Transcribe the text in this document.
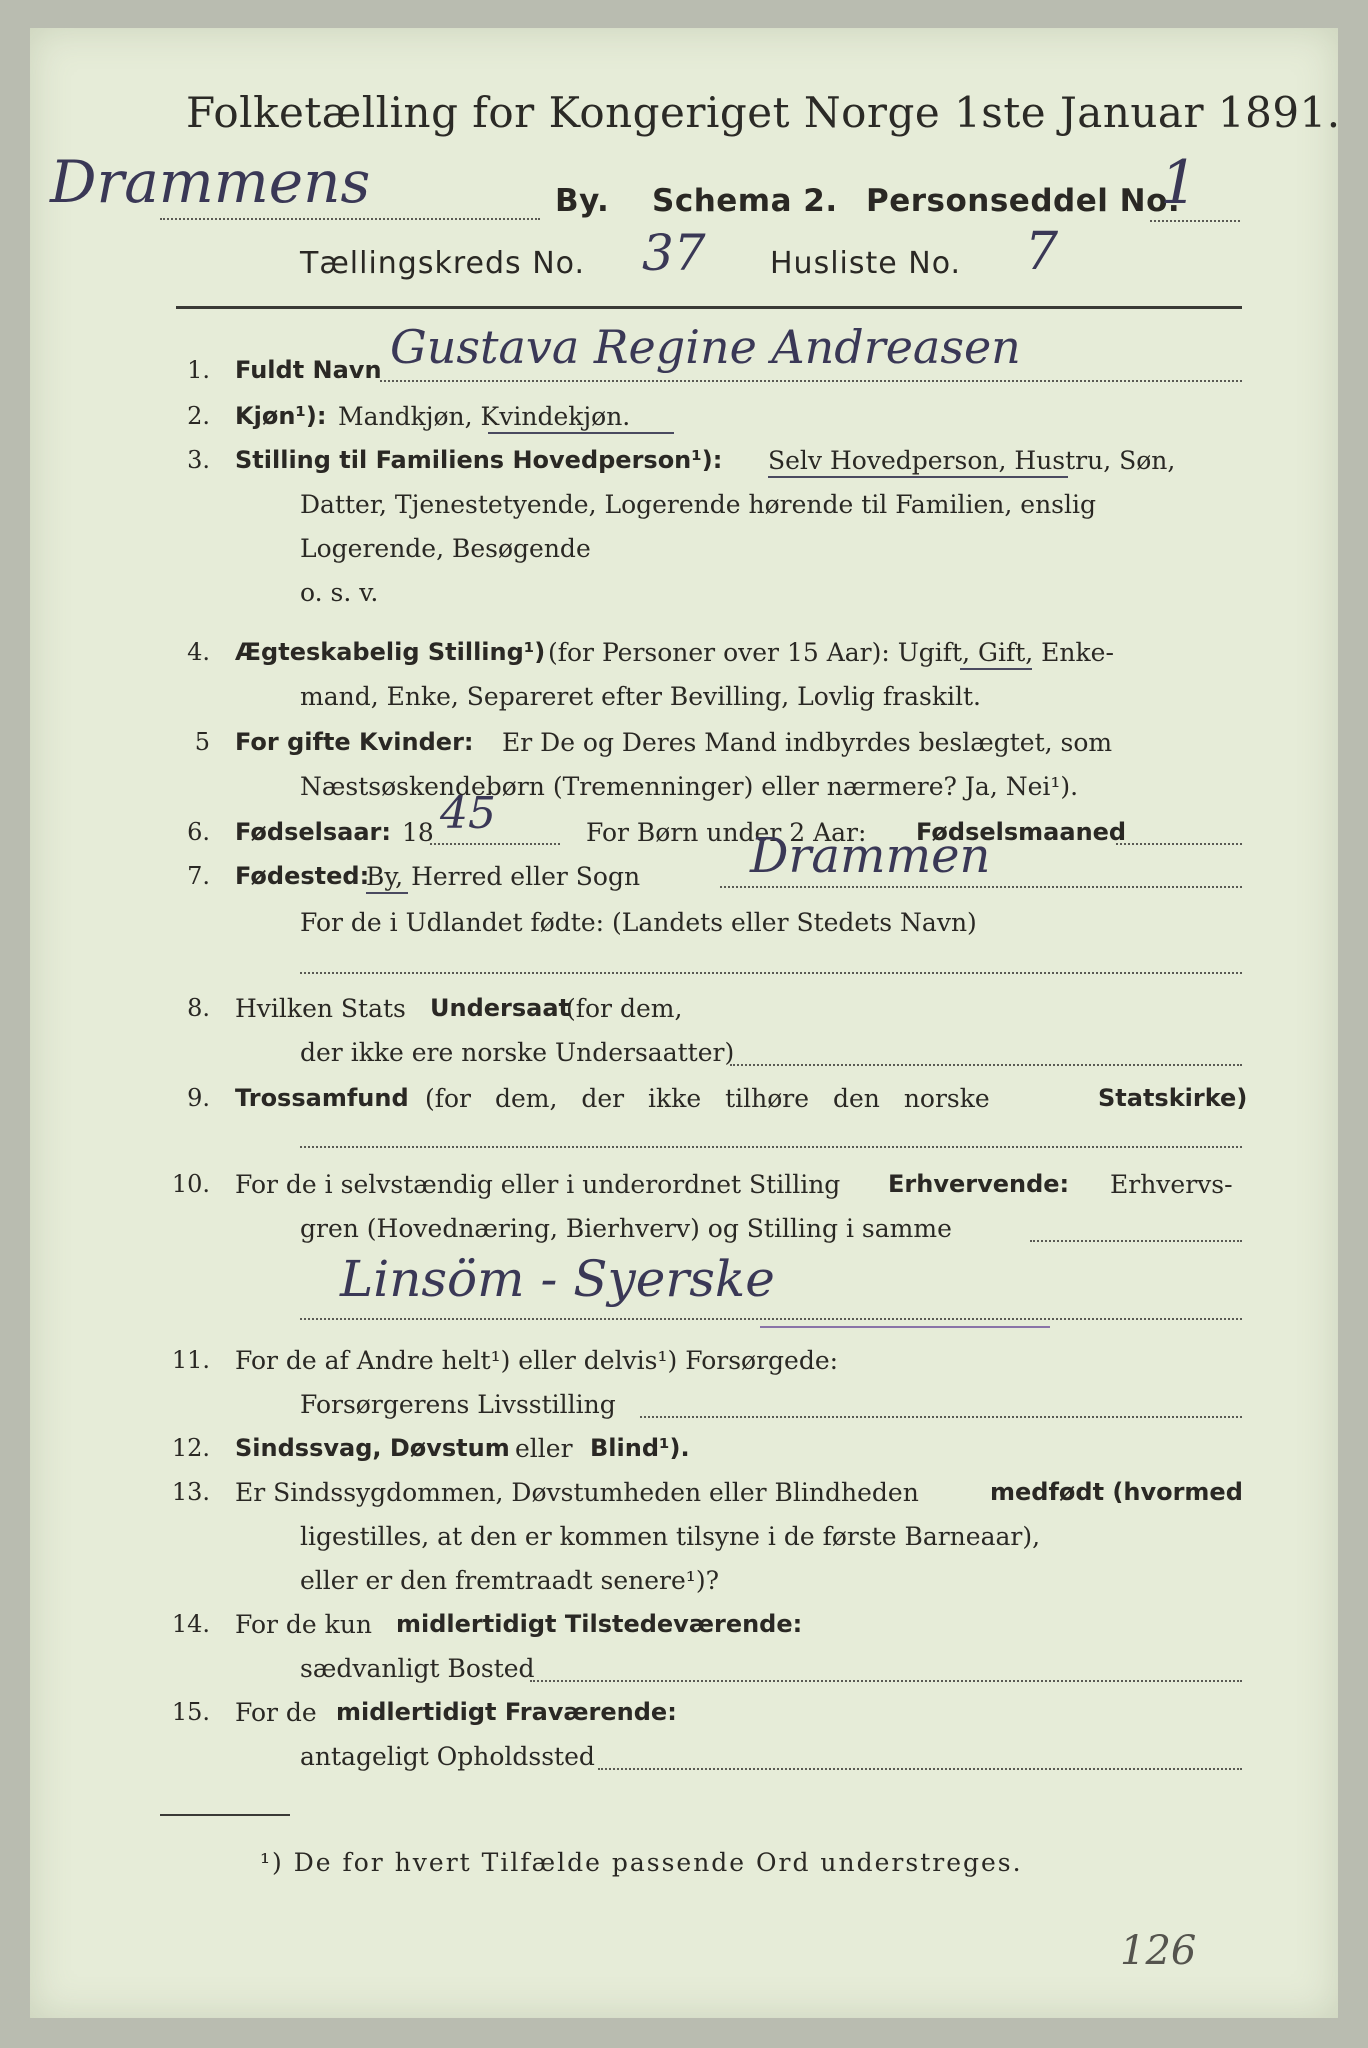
Folketælling for Kongeriget Norge 1ste Januar 1891.
Drammens	By. Schema 2. Personseddel No.
1
Tællingskreds No. 37 Husliste No. 7
1. Fuldt Navn Gustava Regine Andreasen
2. Kjøn¹): Mandkjøn, Kvindekjøn.
3. Stilling til Familiens Hovedperson¹): Selv Hovedperson, Hustru, Søn,
Datter, Tjenestetyende, Logerende hørende til Familien, enslig
Logerende, Besøgende
o. s. v.
4. Ægteskabelig Stilling¹) (for Personer over 15 Aar): Ugift, Gift, Enke-
mand, Enke, Separeret efter Bevilling, Lovlig fraskilt.
5 For gifte Kvinder: Er De og Deres Mand indbyrdes beslægtet, som
Næstsøskendebørn (Tremenninger) eller nærmere? Ja, Nei¹).
6. Fødselsaar: 18 45	For Børn under 2 Aar: Fødselsmaaned
7. Fødested:
By, Herred eller Sogn Drammen
For de i Udlandet fødte: (Landets eller Stedets Navn)
8. Hvilken Stats Undersaat
(for dem,
der ikke ere norske Undersaatter)
9. Trossamfund (for dem, der ikke tilhøre den norske	Statskirke)
10. For de i selvstændig eller i underordnet Stilling Erhvervende: Erhvervs-
gren (Hovednæring, Bierhverv) og Stilling i samme
Linsöm - Syerske
11. For de af Andre helt¹) eller delvis¹) Forsørgede:
Forsørgerens Livsstilling
12. Sindssvag, Døvstum eller Blind¹).
13. Er Sindssygdommen, Døvstumheden eller Blindheden	medfødt (hvormed
ligestilles, at den er kommen tilsyne i de første Barneaar),
eller er den fremtraadt senere¹)?
14. For de kun midlertidigt Tilstedeværende:
sædvanligt Bosted
15. For de midlertidigt Fraværende:
antageligt Opholdssted
¹) De for hvert Tilfælde passende Ord understreges.
126
